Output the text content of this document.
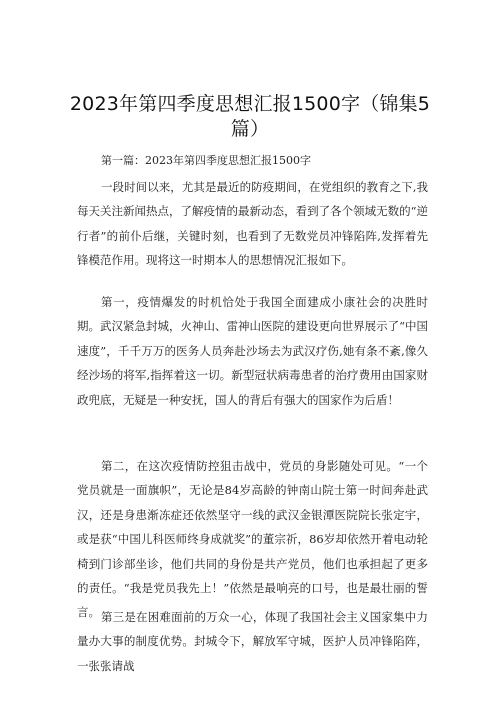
2023年第四季度思想汇报1500字（锦集5篇）
第一篇：2023年第四季度思想汇报1500字

一段时间以来，尤其是最近的防疫期间，在党组织的教育之下,我每天关注新闻热点，了解疫情的最新动态，看到了各个领域无数的“逆行者”的前仆后继，关键时刻，也看到了无数党员冲锋陷阵,发挥着先锋模范作用。现将这一时期本人的思想情况汇报如下。

第一，疫情爆发的时机恰处于我国全面建成小康社会的决胜时期。武汉紧急封城，火神山、雷神山医院的建设更向世界展示了“中国速度”，千千万万的医务人员奔赴沙场去为武汉疗伤,她有条不紊,像久经沙场的将军,指挥着这一切。新型冠状病毒患者的治疗费用由国家财政兜底，无疑是一种安抚，国人的背后有强大的国家作为后盾！

第二，在这次疫情防控狙击战中，党员的身影随处可见。“一个党员就是一面旗帜”，无论是84岁高龄的钟南山院士第一时间奔赴武汉，还是身患渐冻症还依然坚守一线的武汉金银潭医院院长张定宇，或是获“中国儿科医师终身成就奖”的董宗祈，86岁却依然开着电动轮椅到门诊部坐诊，他们共同的身份是共产党员，他们也承担起了更多的责任。“我是党员我先上！”依然是最响亮的口号，也是最壮丽的誓言。 第三是在困难面前的万众一心，体现了我国社会主义国家集中力量办大事的制度优势。封城令下，解放军守城，医护人员冲锋陷阵，一张张请战
